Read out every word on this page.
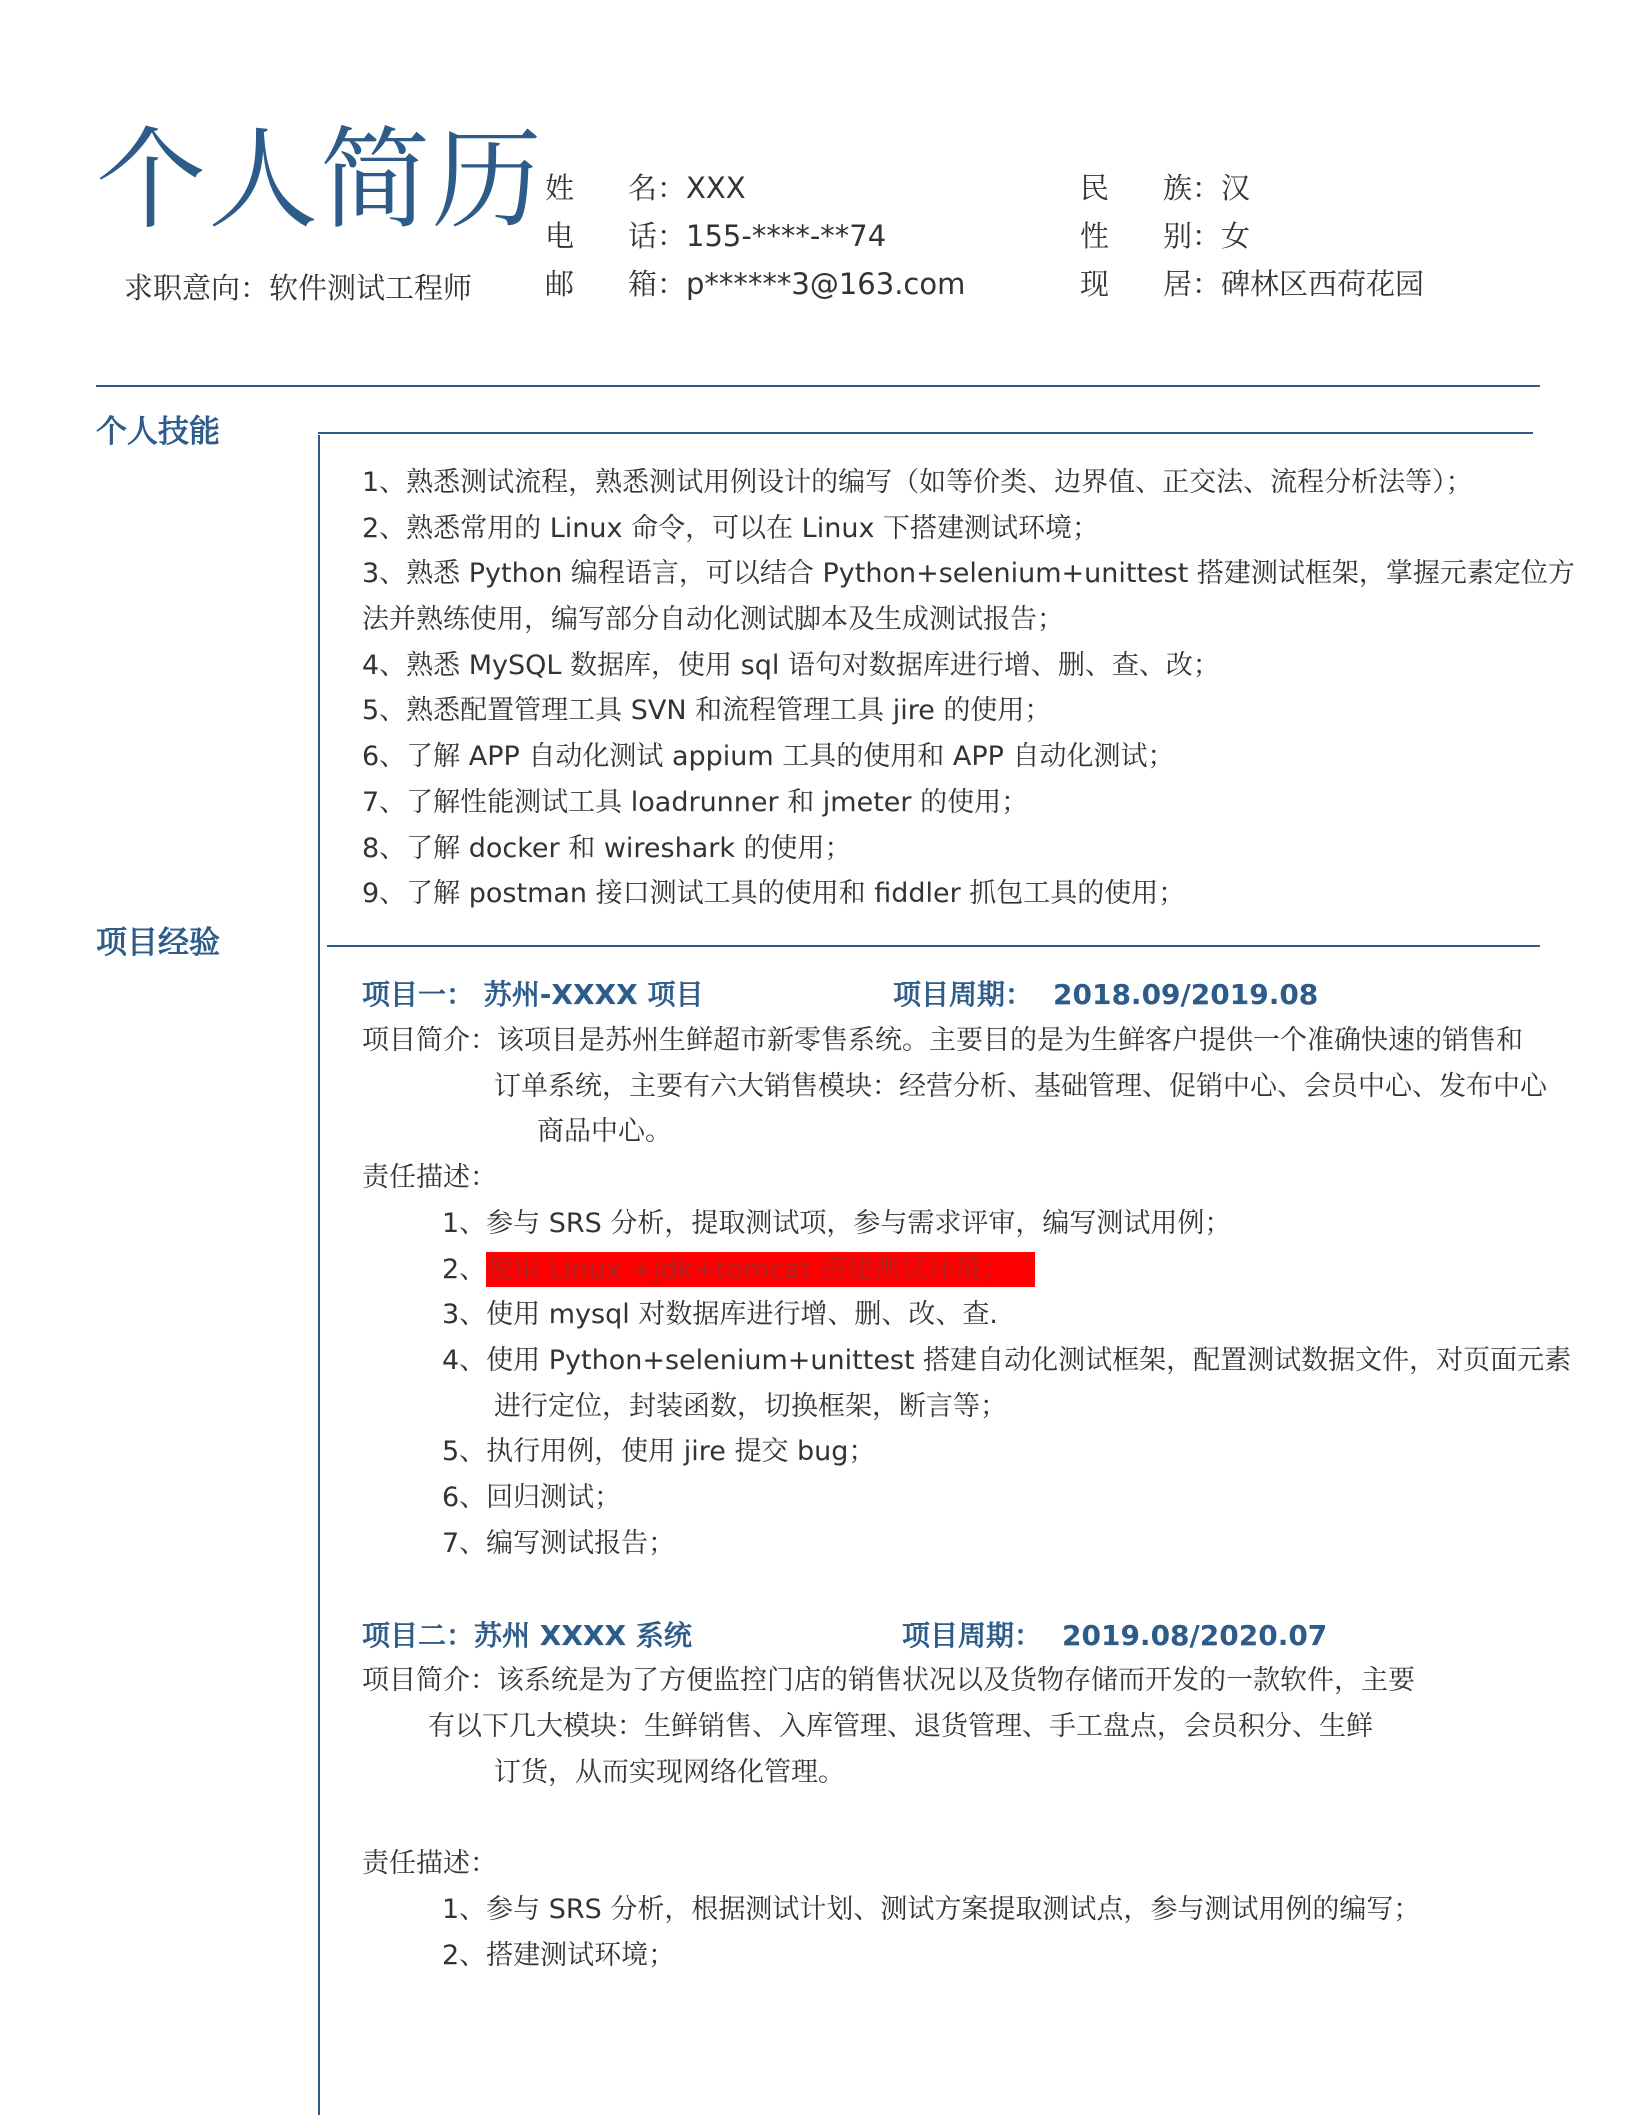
个人简历
求职意向：软件测试工程师
姓 名： XXX	民 族： 汉
电 话： 155-****-**74	性 别： 女
邮 箱： p******3@163.com	现 居： 碑林区西荷花园
个人技能
1、熟悉测试流程，熟悉测试用例设计的编写（如等价类、边界值、正交法、流程分析法等）；
2、熟悉常用的 Linux 命令，可以在 Linux 下搭建测试环境；
3、熟悉 Python 编程语言，可以结合 Python+selenium+unittest 搭建测试框架，掌握元素定位方
法并熟练使用，编写部分自动化测试脚本及生成测试报告；
4、熟悉 MySQL 数据库，使用 sql 语句对数据库进行增、删、查、改；
5、熟悉配置管理工具 SVN 和流程管理工具 jire 的使用；
6、了解 APP 自动化测试 appium 工具的使用和 APP 自动化测试；
7、了解性能测试工具 loadrunner 和 jmeter 的使用；
8、了解 docker 和 wireshark 的使用；
9、了解 postman 接口测试工具的使用和 fiddler 抓包工具的使用；
项目经验
项目一： 苏州-XXXX 项目	项目周期： 2018.09/2019.08
项目简介：该项目是苏州生鲜超市新零售系统。主要目的是为生鲜客户提供一个准确快速的销售和
订单系统，主要有六大销售模块：经营分析、基础管理、促销中心、会员中心、发布中心
商品中心。
责任描述：
1、参与 SRS 分析，提取测试项，参与需求评审，编写测试用例；
2、使用 Linux +jdk+tomcat 搭建测试环境；
3、使用 mysql 对数据库进行增、删、改、查.
4、使用 Python+selenium+unittest 搭建自动化测试框架，配置测试数据文件，对页面元素
进行定位，封装函数，切换框架，断言等；
5、执行用例，使用 jire 提交 bug；
6、回归测试；
7、编写测试报告；
项目二：苏州 XXXX 系统	项目周期： 2019.08/2020.07
项目简介：该系统是为了方便监控门店的销售状况以及货物存储而开发的一款软件，主要
有以下几大模块：生鲜销售、入库管理、退货管理、手工盘点，会员积分、生鲜
订货，从而实现网络化管理。
责任描述：
1、参与 SRS 分析，根据测试计划、测试方案提取测试点，参与测试用例的编写；
2、搭建测试环境；
